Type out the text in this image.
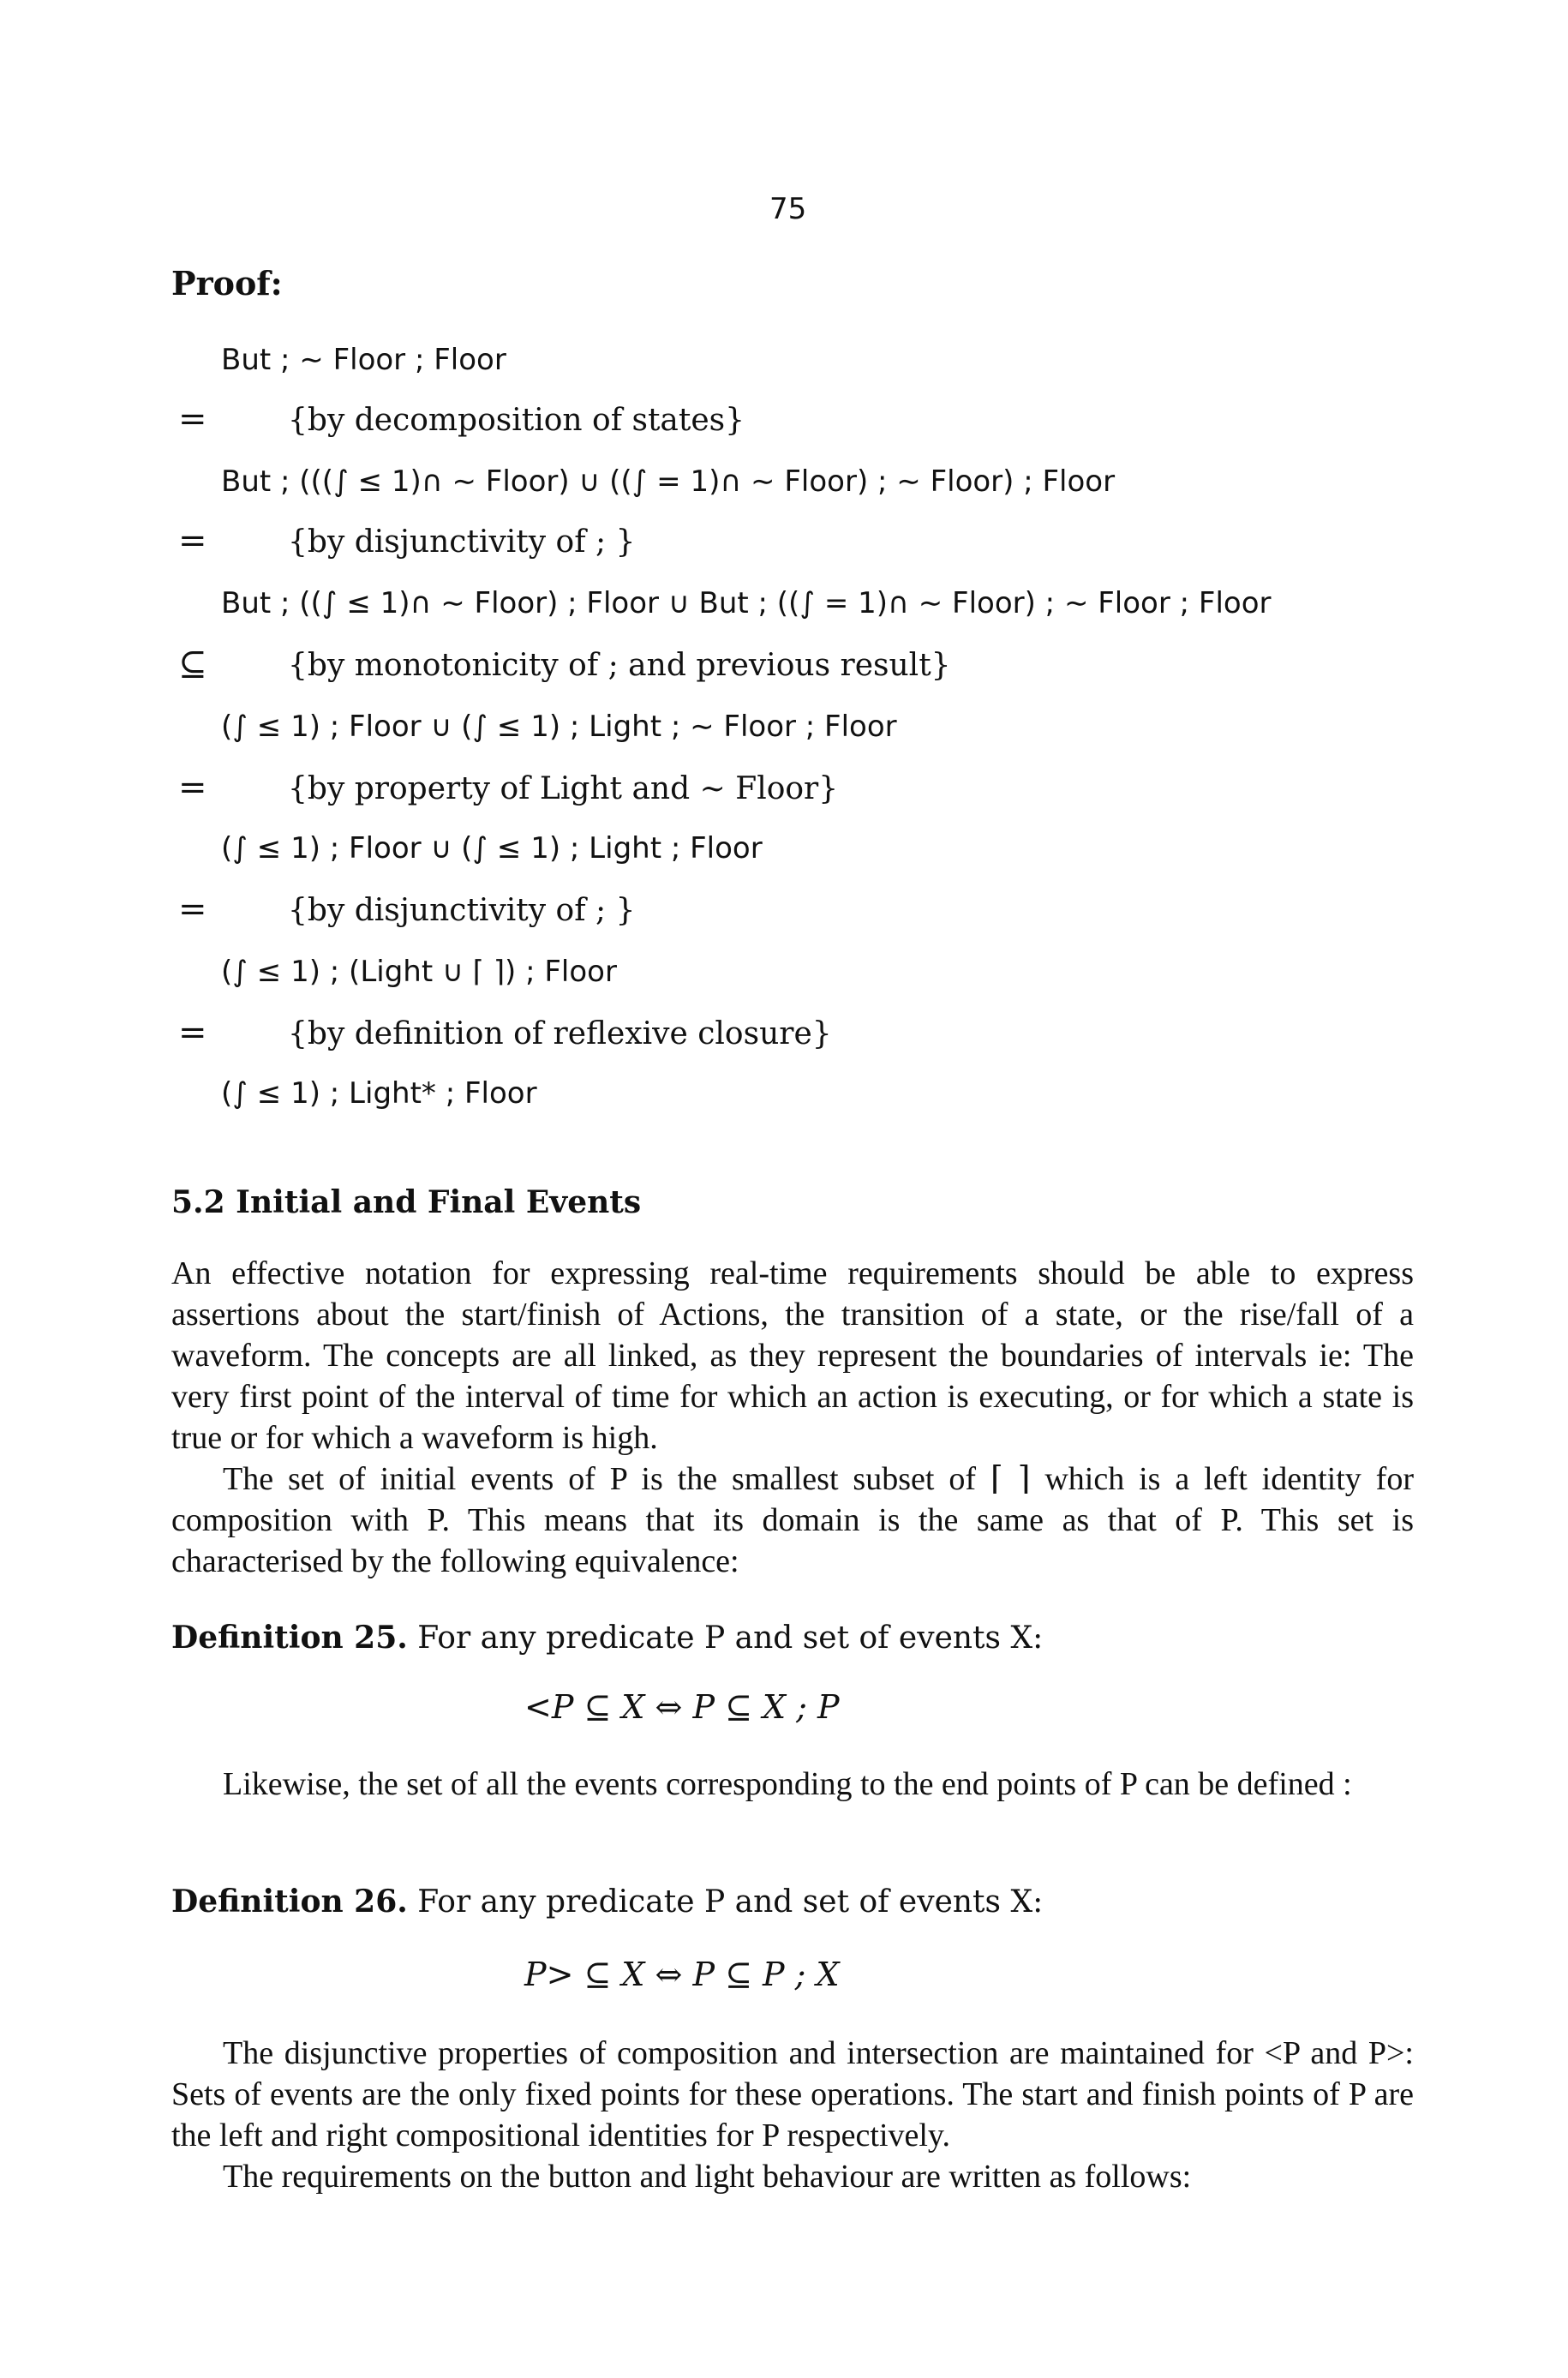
75
Proof:
But ; ∼ Floor ; Floor
=	{by decomposition of states}
But ; (((∫ ≤ 1)∩ ∼ Floor) ∪ ((∫ = 1)∩ ∼ Floor) ; ∼ Floor) ; Floor
=	{by disjunctivity of ; }
But ; ((∫ ≤ 1)∩ ∼ Floor) ; Floor ∪ But ; ((∫ = 1)∩ ∼ Floor) ; ∼ Floor ; Floor
⊆	{by monotonicity of ; and previous result}
(∫ ≤ 1) ; Floor ∪ (∫ ≤ 1) ; Light ; ∼ Floor ; Floor
=	{by property of Light and ∼ Floor}
(∫ ≤ 1) ; Floor ∪ (∫ ≤ 1) ; Light ; Floor
=	{by disjunctivity of ; }
(∫ ≤ 1) ; (Light ∪ ⌈ ⌉) ; Floor
=	{by definition of reflexive closure}
(∫ ≤ 1) ; Light* ; Floor
5.2 Initial and Final Events
An effective notation for expressing real-time requirements should be able to express assertions about the start/finish of Actions, the transition of a state, or the rise/fall of a waveform. The concepts are all linked, as they represent the boundaries of intervals ie: The very first point of the interval of time for which an action is executing, or for which a state is true or for which a waveform is high.
The set of initial events of P is the smallest subset of ⌈ ⌉ which is a left identity for composition with P. This means that its domain is the same as that of P. This set is characterised by the following equivalence:
Definition 25. For any predicate P and set of events X:
<P ⊆ X ⇔ P ⊆ X ; P
Likewise, the set of all the events corresponding to the end points of P can be defined :
Definition 26. For any predicate P and set of events X:
P> ⊆ X ⇔ P ⊆ P ; X
The disjunctive properties of composition and intersection are maintained for <P and P>: Sets of events are the only fixed points for these operations. The start and finish points of P are the left and right compositional identities for P respectively.
The requirements on the button and light behaviour are written as follows:
